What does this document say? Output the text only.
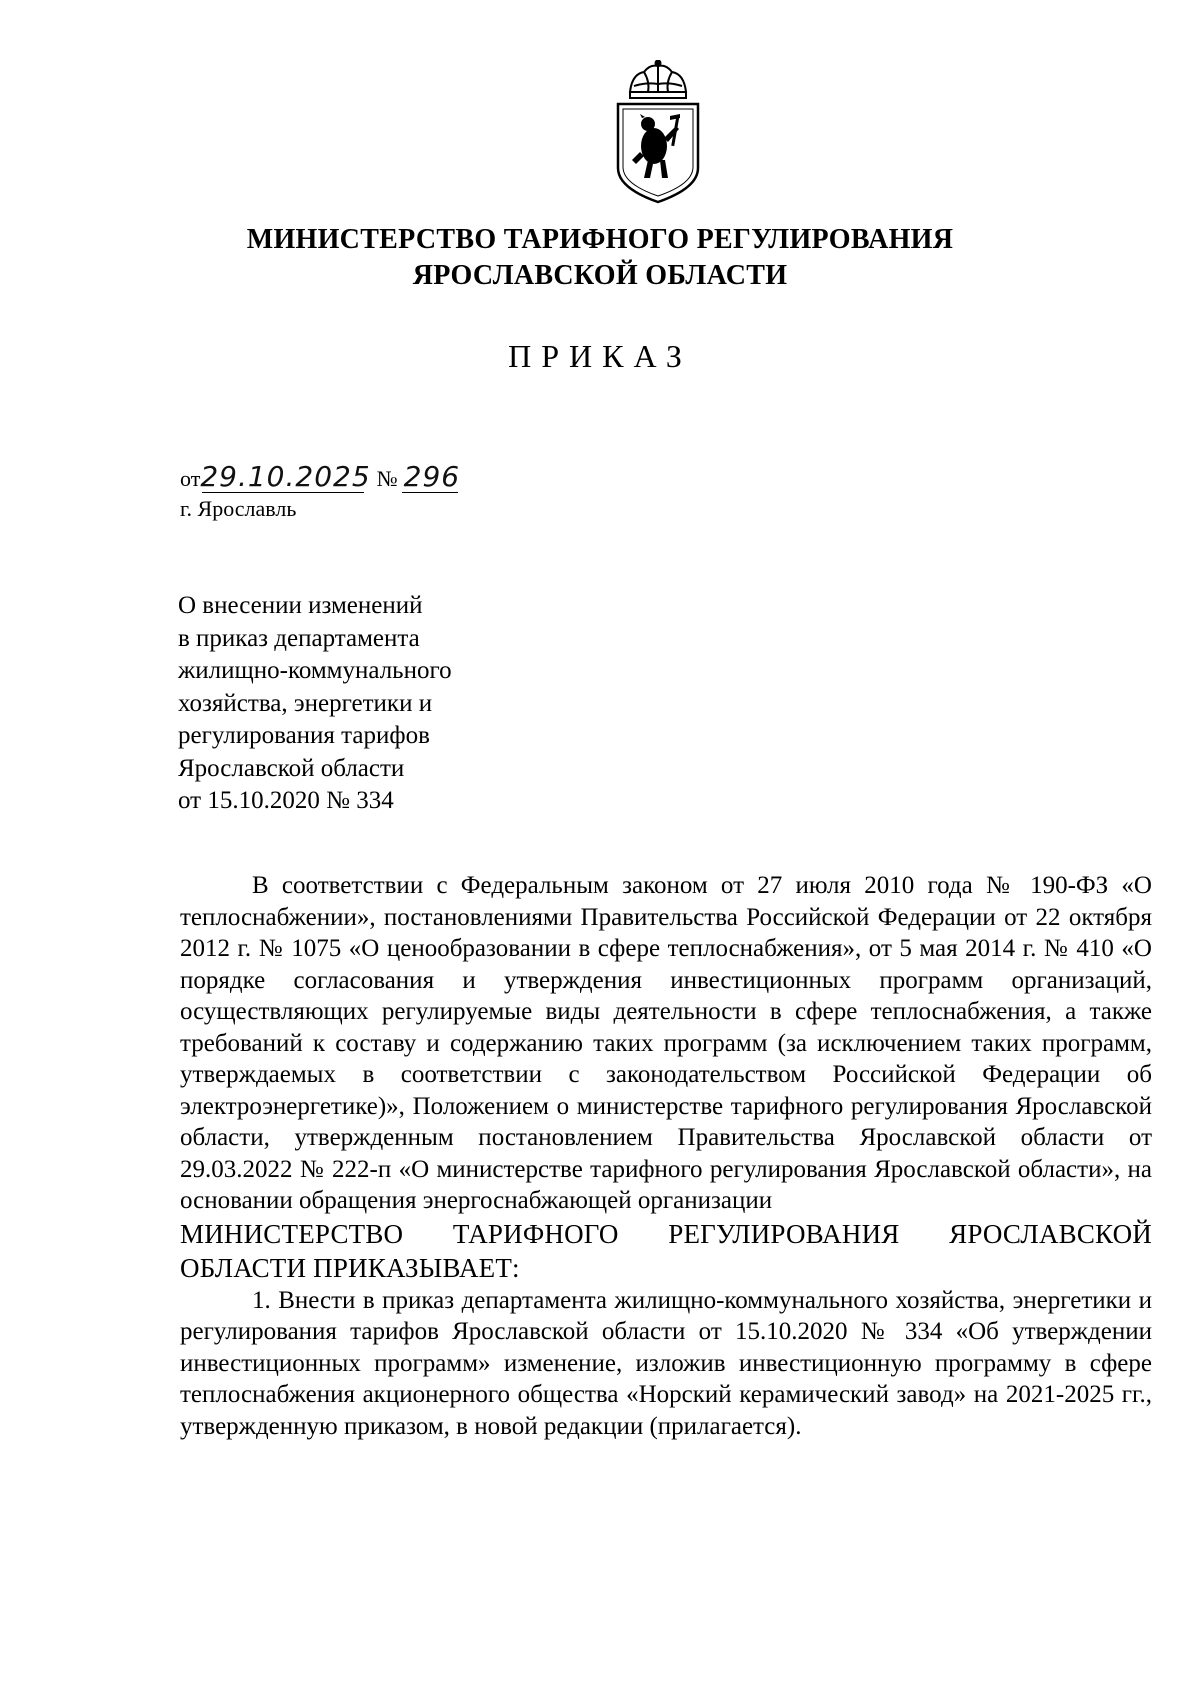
МИНИСТЕРСТВО ТАРИФНОГО РЕГУЛИРОВАНИЯ
ЯРОСЛАВСКОЙ ОБЛАСТИ
ПРИКАЗ
от29.10.2025 № 296
г. Ярославль
О внесении изменений
в приказ департамента
жилищно-коммунального
хозяйства, энергетики и
регулирования тарифов
Ярославской области
от 15.10.2020 № 334

В соответствии с Федеральным законом от 27 июля 2010 года № 190-ФЗ «О теплоснабжении», постановлениями Правительства Российской Федерации от 22 октября 2012 г. № 1075 «О ценообразовании в сфере теплоснабжения», от 5 мая 2014 г. № 410 «О порядке согласования и утверждения инвестиционных программ организаций, осуществляющих регулируемые виды деятельности в сфере теплоснабжения, а также требований к составу и содержанию таких программ (за исключением таких программ, утверждаемых в соответствии с законодательством Российской Федерации об электроэнергетике)», Положением о министерстве тарифного регулирования Ярославской области, утвержденным постановлением Правительства Ярославской области от 29.03.2022 № 222-п «О министерстве тарифного регулирования Ярославской области», на основании обращения энергоснабжающей организации

МИНИСТЕРСТВО ТАРИФНОГО РЕГУЛИРОВАНИЯ ЯРОСЛАВСКОЙ ОБЛАСТИ ПРИКАЗЫВАЕТ:

1. Внести в приказ департамента жилищно-коммунального хозяйства, энергетики и регулирования тарифов Ярославской области от 15.10.2020 № 334 «Об утверждении инвестиционных программ» изменение, изложив инвестиционную программу в сфере теплоснабжения акционерного общества «Норский керамический завод» на 2021-2025 гг., утвержденную приказом, в новой редакции (прилагается).
